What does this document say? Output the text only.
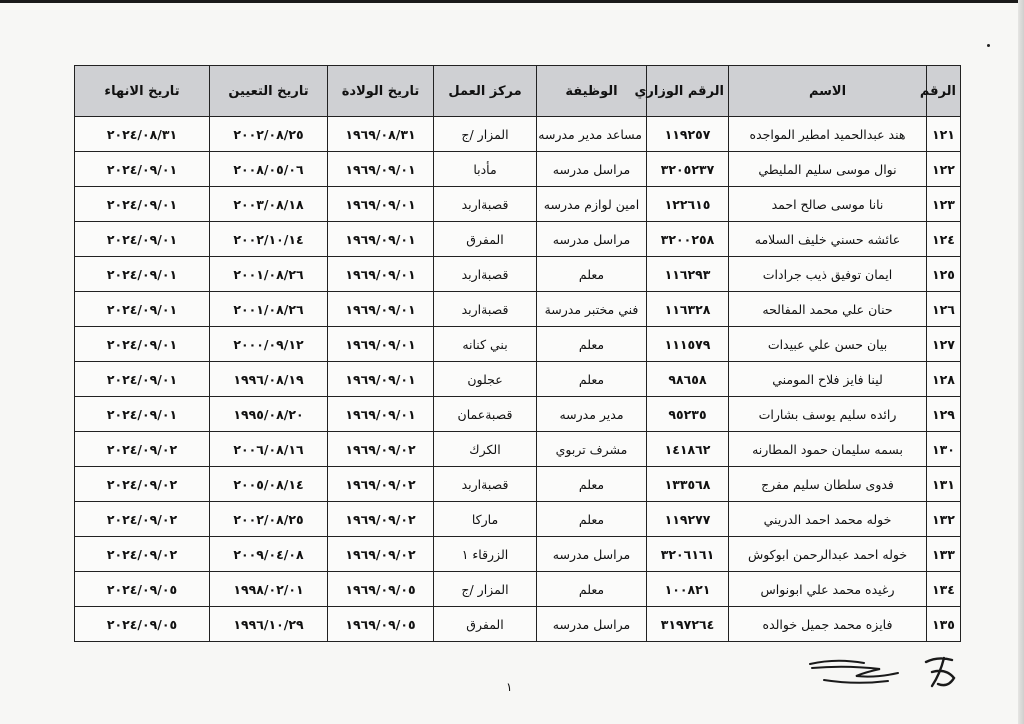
الرقم	الاسم	الرقم الوزاري	الوظيفة	مركز العمل	تاريخ الولادة	تاريخ التعيين	تاريخ الانهاء
١٢١	هند عبدالحميد امطير المواجده	١١٩٢٥٧	مساعد مدير مدرسه	المزار /ج	١٩٦٩/٠٨/٣١	٢٠٠٢/٠٨/٢٥	٢٠٢٤/٠٨/٣١
١٢٢	نوال موسى سليم المليطي	٣٢٠٥٢٣٧	مراسل مدرسه	مأدبا	١٩٦٩/٠٩/٠١	٢٠٠٨/٠٥/٠٦	٢٠٢٤/٠٩/٠١
١٢٣	نانا موسى صالح احمد	١٢٢٦١٥	امين لوازم مدرسه	قصبةاربد	١٩٦٩/٠٩/٠١	٢٠٠٣/٠٨/١٨	٢٠٢٤/٠٩/٠١
١٢٤	عائشه حسني خليف السلامه	٣٢٠٠٢٥٨	مراسل مدرسه	المفرق	١٩٦٩/٠٩/٠١	٢٠٠٢/١٠/١٤	٢٠٢٤/٠٩/٠١
١٢٥	ايمان توفيق ذيب جرادات	١١٦٢٩٣	معلم	قصبةاربد	١٩٦٩/٠٩/٠١	٢٠٠١/٠٨/٢٦	٢٠٢٤/٠٩/٠١
١٢٦	حنان علي محمد المفالحه	١١٦٣٢٨	فني مختبر مدرسة	قصبةاربد	١٩٦٩/٠٩/٠١	٢٠٠١/٠٨/٢٦	٢٠٢٤/٠٩/٠١
١٢٧	بيان حسن علي عبيدات	١١١٥٧٩	معلم	بني كنانه	١٩٦٩/٠٩/٠١	٢٠٠٠/٠٩/١٢	٢٠٢٤/٠٩/٠١
١٢٨	لينا فايز فلاح المومني	٩٨٦٥٨	معلم	عجلون	١٩٦٩/٠٩/٠١	١٩٩٦/٠٨/١٩	٢٠٢٤/٠٩/٠١
١٢٩	رائده سليم يوسف بشارات	٩٥٢٣٥	مدير مدرسه	قصبةعمان	١٩٦٩/٠٩/٠١	١٩٩٥/٠٨/٢٠	٢٠٢٤/٠٩/٠١
١٣٠	بسمه سليمان حمود المطارنه	١٤١٨٦٢	مشرف تربوي	الكرك	١٩٦٩/٠٩/٠٢	٢٠٠٦/٠٨/١٦	٢٠٢٤/٠٩/٠٢
١٣١	فدوى سلطان سليم مفرج	١٣٣٥٦٨	معلم	قصبةاربد	١٩٦٩/٠٩/٠٢	٢٠٠٥/٠٨/١٤	٢٠٢٤/٠٩/٠٢
١٣٢	خوله محمد احمد الدريني	١١٩٢٧٧	معلم	ماركا	١٩٦٩/٠٩/٠٢	٢٠٠٢/٠٨/٢٥	٢٠٢٤/٠٩/٠٢
١٣٣	خوله احمد عبدالرحمن ابوكوش	٣٢٠٦١٦١	مراسل مدرسه	الزرقاء ١	١٩٦٩/٠٩/٠٢	٢٠٠٩/٠٤/٠٨	٢٠٢٤/٠٩/٠٢
١٣٤	رغيده محمد علي ابونواس	١٠٠٨٢١	معلم	المزار /ج	١٩٦٩/٠٩/٠٥	١٩٩٨/٠٢/٠١	٢٠٢٤/٠٩/٠٥
١٣٥	فايزه محمد جميل خوالده	٣١٩٧٢٦٤	مراسل مدرسه	المفرق	١٩٦٩/٠٩/٠٥	١٩٩٦/١٠/٢٩	٢٠٢٤/٠٩/٠٥
١
